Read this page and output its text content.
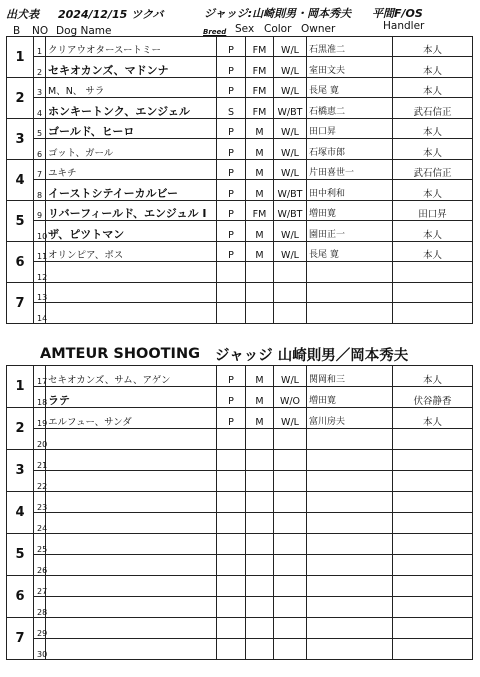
出犬表 2024/12/15 ツクバ	ジャッジ:山崎則男・岡本秀夫 平間F/OS
B NO Dog Name	Breed Sex Color Owner	Handler
1	1	クリアウオタースートミー	P	FM	W/L	石黒准二	本人
	2	セキオカンズ、マドンナ	P	FM	W/L	室田文夫	本人
2	3	M、N、 サラ	P	FM	W/L	長尾 寛	本人
	4	ホンキートンク、エンジェル	S	FM	W/BT	石橋恵二	武石信正
3	5	ゴールド、ヒーロ	P	M	W/L	田口昇	本人
	6	ゴット、ガール	P	M	W/L	石塚市郎	本人
4	7	ユキチ	P	M	W/L	片田喜世一	武石信正
	8	イーストシテイーカルビー	P	M	W/BT	田中利和	本人
5	9	リバーフィールド、エンジュル I	P	FM	W/BT	増田寛	田口昇
	10	ザ、ピツトマン	P	M	W/L	園田正一	本人
6	11	オリンピア、ボス	P	M	W/L	長尾 寛	本人
	12						
7	13						
	14						
AMTEUR SHOOTING ジャッジ 山崎則男／岡本秀夫
1	17	セキオカンズ、サム、アゲン	P	M	W/L	関岡和三	本人
	18	ラテ	P	M	W/O	増田寛	伏谷静香
2	19	エルフュー、サンダ	P	M	W/L	富川房夫	本人
	20						
3	21						
	22						
4	23						
	24						
5	25						
	26						
6	27						
	28						
7	29						
	30						
